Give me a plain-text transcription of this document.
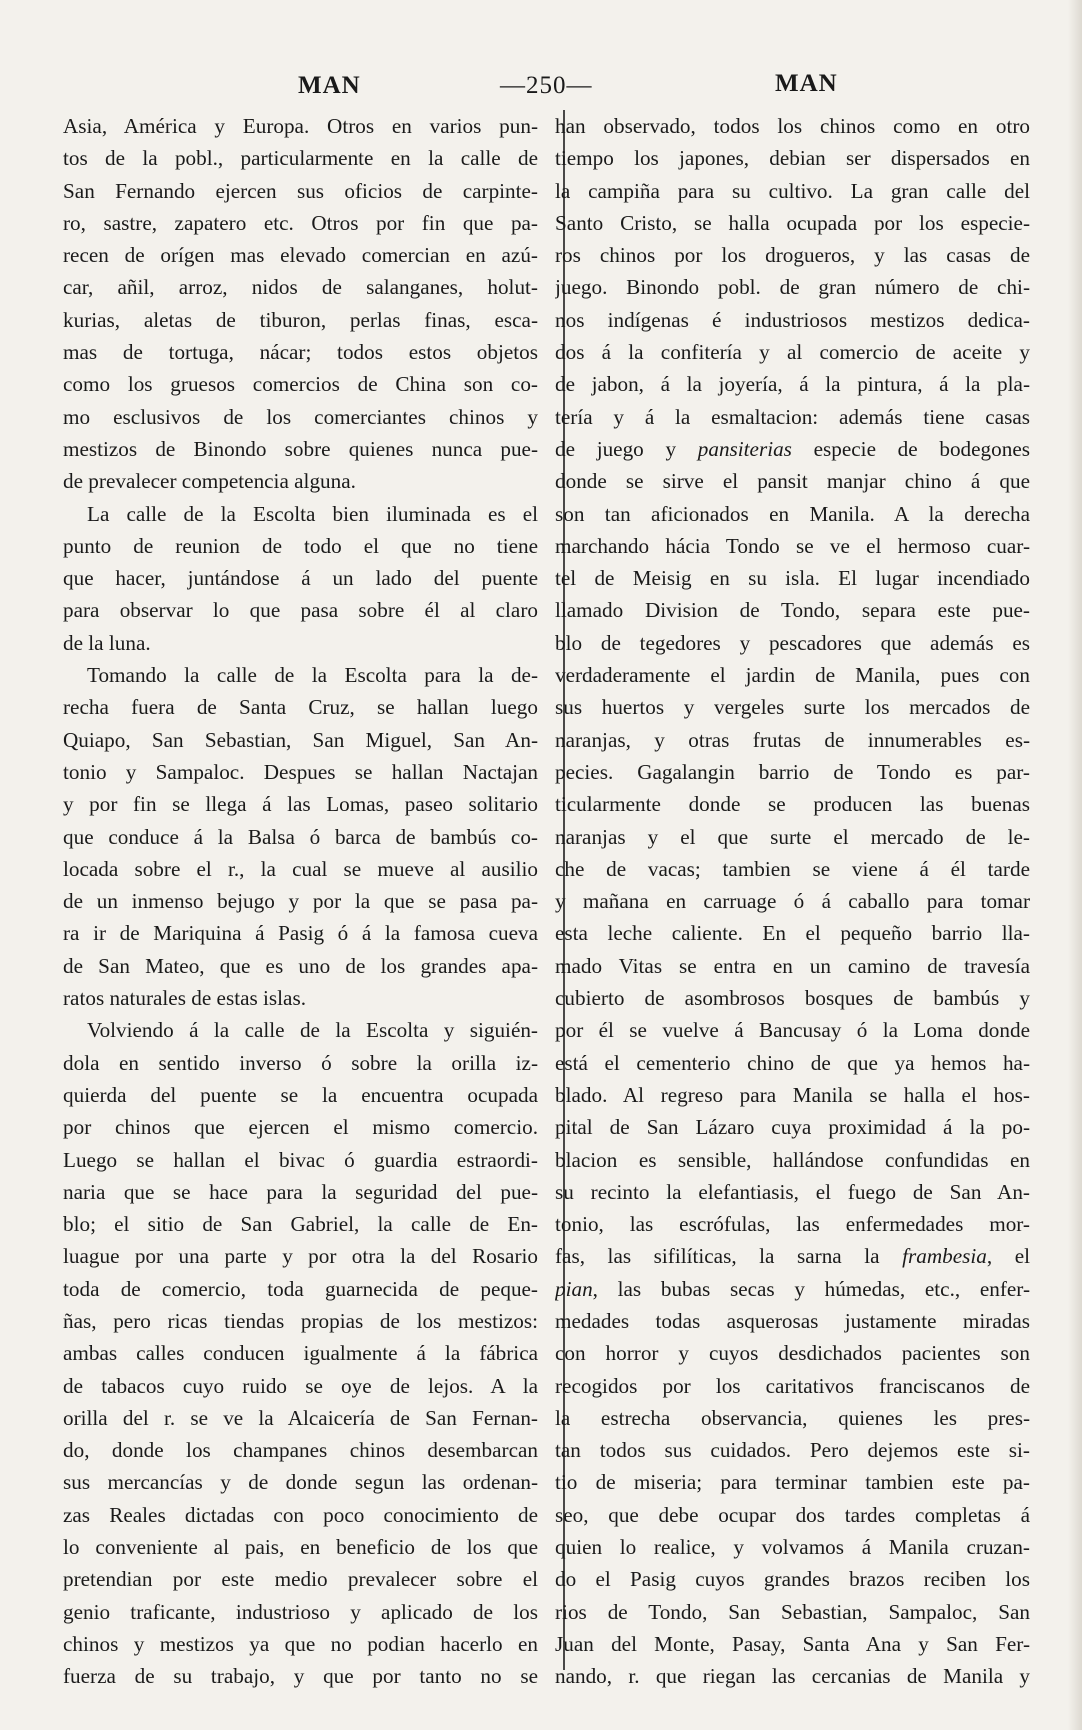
MAN	—250—	MAN
Asia, América y Europa. Otros en varios pun-
tos de la pobl., particularmente en la calle de
San Fernando ejercen sus oficios de carpinte-
ro, sastre, zapatero etc. Otros por fin que pa-
recen de orígen mas elevado comercian en azú-
car, añil, arroz, nidos de salanganes, holut-
kurias, aletas de tiburon, perlas finas, esca-
mas de tortuga, nácar; todos estos objetos
como los gruesos comercios de China son co-
mo esclusivos de los comerciantes chinos y
mestizos de Binondo sobre quienes nunca pue-
de prevalecer competencia alguna.
La calle de la Escolta bien iluminada es el
punto de reunion de todo el que no tiene
que hacer, juntándose á un lado del puente
para observar lo que pasa sobre él al claro
de la luna.
Tomando la calle de la Escolta para la de-
recha fuera de Santa Cruz, se hallan luego
Quiapo, San Sebastian, San Miguel, San An-
tonio y Sampaloc. Despues se hallan Nactajan
y por fin se llega á las Lomas, paseo solitario
que conduce á la Balsa ó barca de bambús co-
locada sobre el r., la cual se mueve al ausilio
de un inmenso bejugo y por la que se pasa pa-
ra ir de Mariquina á Pasig ó á la famosa cueva
de San Mateo, que es uno de los grandes apa-
ratos naturales de estas islas.
Volviendo á la calle de la Escolta y siguién-
dola en sentido inverso ó sobre la orilla iz-
quierda del puente se la encuentra ocupada
por chinos que ejercen el mismo comercio.
Luego se hallan el bivac ó guardia estraordi-
naria que se hace para la seguridad del pue-
blo; el sitio de San Gabriel, la calle de En-
luague por una parte y por otra la del Rosario
toda de comercio, toda guarnecida de peque-
ñas, pero ricas tiendas propias de los mestizos:
ambas calles conducen igualmente á la fábrica
de tabacos cuyo ruido se oye de lejos. A la
orilla del r. se ve la Alcaicería de San Fernan-
do, donde los champanes chinos desembarcan
sus mercancías y de donde segun las ordenan-
zas Reales dictadas con poco conocimiento de
lo conveniente al pais, en beneficio de los que
pretendian por este medio prevalecer sobre el
genio traficante, industrioso y aplicado de los
chinos y mestizos ya que no podian hacerlo en
fuerza de su trabajo, y que por tanto no se
han observado, todos los chinos como en otro
tiempo los japones, debian ser dispersados en
la campiña para su cultivo. La gran calle del
Santo Cristo, se halla ocupada por los especie-
ros chinos por los drogueros, y las casas de
juego. Binondo pobl. de gran número de chi-
nos indígenas é industriosos mestizos dedica-
dos á la confitería y al comercio de aceite y
de jabon, á la joyería, á la pintura, á la pla-
tería y á la esmaltacion: además tiene casas
de juego y pansiterias especie de bodegones
donde se sirve el pansit manjar chino á que
son tan aficionados en Manila. A la derecha
marchando hácia Tondo se ve el hermoso cuar-
tel de Meisig en su isla. El lugar incendiado
llamado Division de Tondo, separa este pue-
blo de tegedores y pescadores que además es
verdaderamente el jardin de Manila, pues con
sus huertos y vergeles surte los mercados de
naranjas, y otras frutas de innumerables es-
pecies. Gagalangin barrio de Tondo es par-
ticularmente donde se producen las buenas
naranjas y el que surte el mercado de le-
che de vacas; tambien se viene á él tarde
y mañana en carruage ó á caballo para tomar
esta leche caliente. En el pequeño barrio lla-
mado Vitas se entra en un camino de travesía
cubierto de asombrosos bosques de bambús y
por él se vuelve á Bancusay ó la Loma donde
está el cementerio chino de que ya hemos ha-
blado. Al regreso para Manila se halla el hos-
pital de San Lázaro cuya proximidad á la po-
blacion es sensible, hallándose confundidas en
su recinto la elefantiasis, el fuego de San An-
tonio, las escrófulas, las enfermedades mor-
fas, las sifilíticas, la sarna la frambesia, el
pian, las bubas secas y húmedas, etc., enfer-
medades todas asquerosas justamente miradas
con horror y cuyos desdichados pacientes son
recogidos por los caritativos franciscanos de
la estrecha observancia, quienes les pres-
tan todos sus cuidados. Pero dejemos este si-
tio de miseria; para terminar tambien este pa-
seo, que debe ocupar dos tardes completas á
quien lo realice, y volvamos á Manila cruzan-
do el Pasig cuyos grandes brazos reciben los
rios de Tondo, San Sebastian, Sampaloc, San
Juan del Monte, Pasay, Santa Ana y San Fer-
nando, r. que riegan las cercanias de Manila y
